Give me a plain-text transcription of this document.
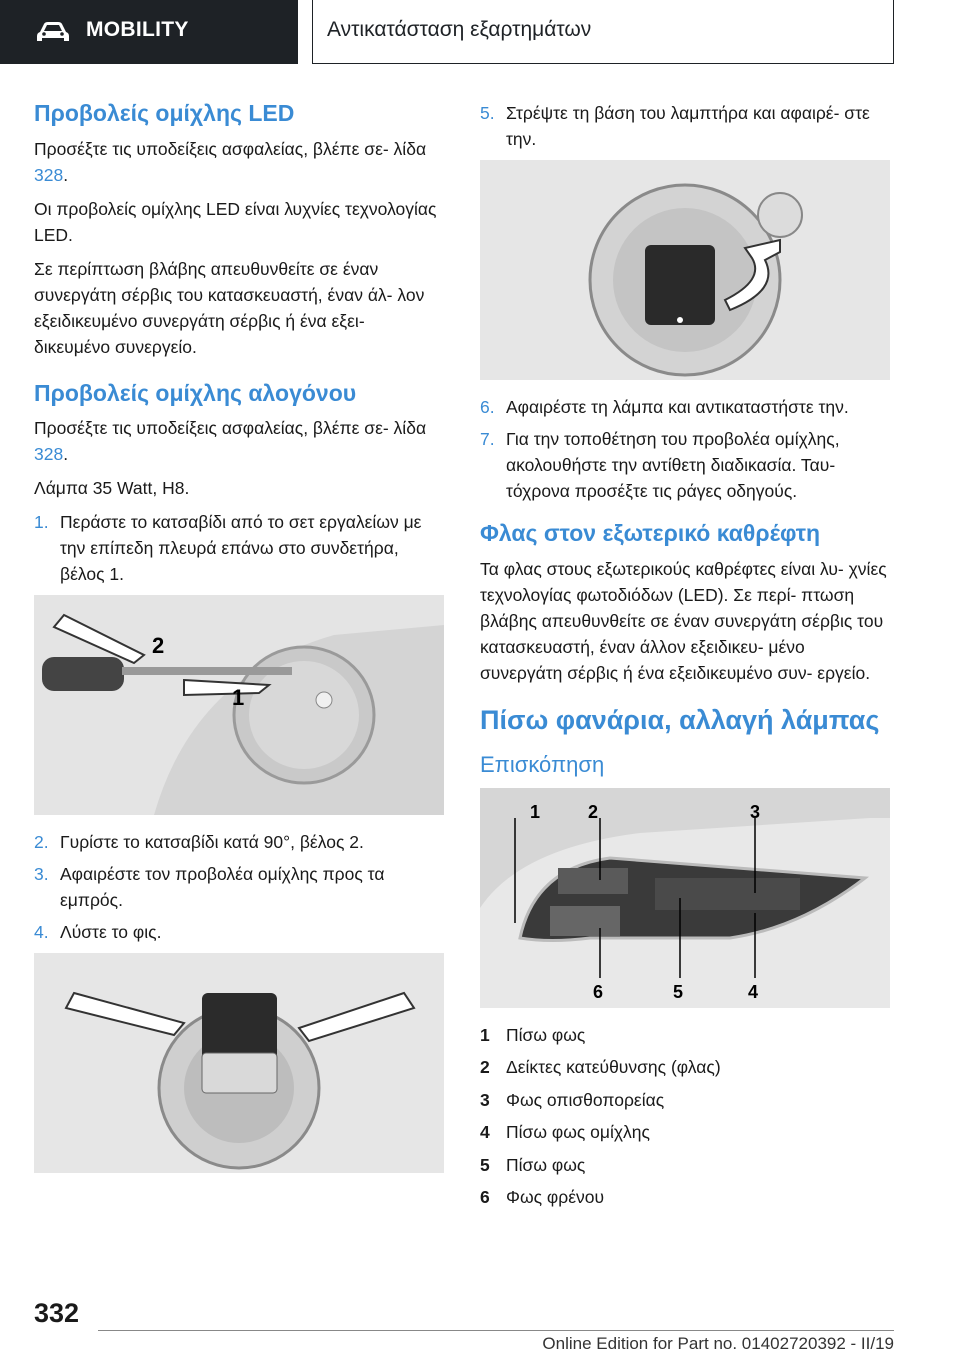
MOBILITY	Αντικατάσταση εξαρτημάτων
Προβολείς ομίχλης LED

Προσέξτε τις υποδείξεις ασφαλείας, βλέπε σε‐ λίδα 328.

Οι προβολείς ομίχλης LED είναι λυχνίες τεχνολογίας LED.

Σε περίπτωση βλάβης απευθυνθείτε σε έναν συνεργάτη σέρβις του κατασκευαστή, έναν άλ‐ λον εξειδικευμένο συνεργάτη σέρβις ή ένα εξει‐ δικευμένο συνεργείο.

Προβολείς ομίχλης αλογόνου

Προσέξτε τις υποδείξεις ασφαλείας, βλέπε σε‐ λίδα 328.

Λάμπα 35 Watt, H8.

1. Περάστε το κατσαβίδι από το σετ εργαλείων με την επίπεδη πλευρά επάνω στο συνδετήρα, βέλος 1.
2
1
2. Γυρίστε το κατσαβίδι κατά 90°, βέλος 2.
3. Αφαιρέστε τον προβολέα ομίχλης προς τα εμπρός.
4. Λύστε το φις.
5. Στρέψτε τη βάση του λαμπτήρα και αφαιρέ‐ στε την.
6. Αφαιρέστε τη λάμπα και αντικαταστήστε την.
7. Για την τοποθέτηση του προβολέα ομίχλης, ακολουθήστε την αντίθετη διαδικασία. Ταυ‐ τόχρονα προσέξτε τις ράγες οδηγούς.
Φλας στον εξωτερικό καθρέφτη

Τα φλας στους εξωτερικούς καθρέφτες είναι λυ‐ χνίες τεχνολογίας φωτοδιόδων (LED). Σε περί‐ πτωση βλάβης απευθυνθείτε σε έναν συνεργάτη σέρβις του κατασκευαστή, έναν άλλον εξειδικευ‐ μένο συνεργάτη σέρβις ή ένα εξειδικευμένο συν‐ εργείο.

Πίσω φανάρια, αλλαγή λάμπας
Επισκόπηση
1	2	3
6	5	4
1 Πίσω φως
2 Δείκτες κατεύθυνσης (φλας)
3 Φως οπισθοπορείας
4 Πίσω φως ομίχλης
5 Πίσω φως
6 Φως φρένου
332
Online Edition for Part no. 01402720392 - II/19
